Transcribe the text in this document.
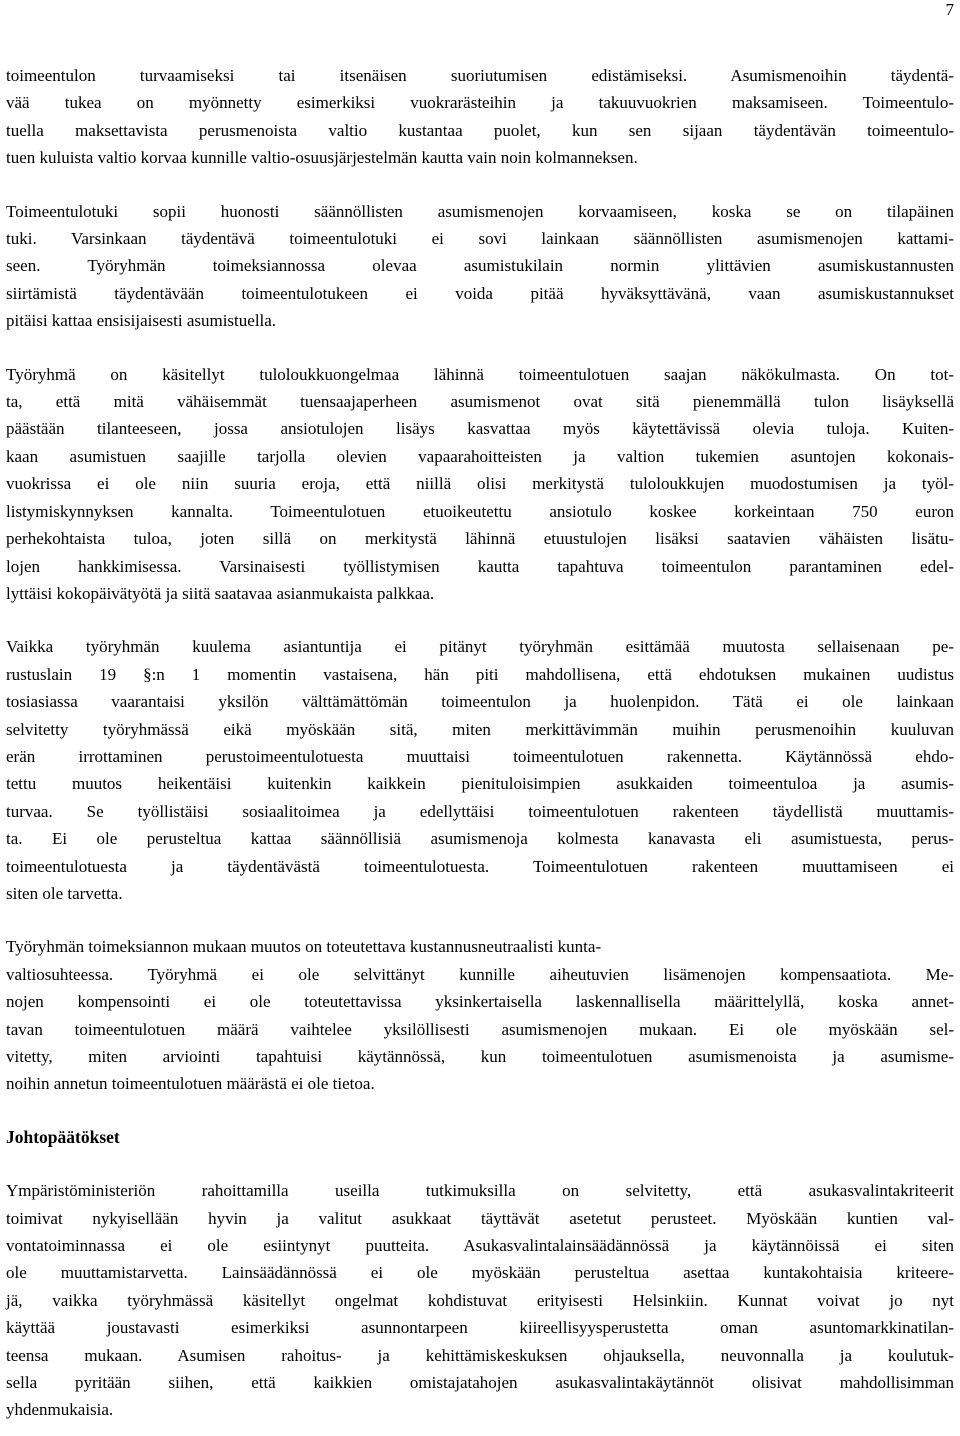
7
toimeentulon turvaamiseksi tai itsenäisen suoriutumisen edistämiseksi. Asumismenoihin täydentä-
vää tukea on myönnetty esimerkiksi vuokrarästeihin ja takuuvuokrien maksamiseen. Toimeentulo-
tuella maksettavista perusmenoista valtio kustantaa puolet, kun sen sijaan täydentävän toimeentulo-
tuen kuluista valtio korvaa kunnille valtio-osuusjärjestelmän kautta vain noin kolmanneksen.
Toimeentulotuki sopii huonosti säännöllisten asumismenojen korvaamiseen, koska se on tilapäinen
tuki. Varsinkaan täydentävä toimeentulotuki ei sovi lainkaan säännöllisten asumismenojen kattami-
seen. Työryhmän toimeksiannossa olevaa asumistukilain normin ylittävien asumiskustannusten
siirtämistä täydentävään toimeentulotukeen ei voida pitää hyväksyttävänä, vaan asumiskustannukset
pitäisi kattaa ensisijaisesti asumistuella.
Työryhmä on käsitellyt tuloloukkuongelmaa lähinnä toimeentulotuen saajan näkökulmasta. On tot-
ta, että mitä vähäisemmät tuensaajaperheen asumismenot ovat sitä pienemmällä tulon lisäyksellä
päästään tilanteeseen, jossa ansiotulojen lisäys kasvattaa myös käytettävissä olevia tuloja. Kuiten-
kaan asumistuen saajille tarjolla olevien vapaarahoitteisten ja valtion tukemien asuntojen kokonais-
vuokrissa ei ole niin suuria eroja, että niillä olisi merkitystä tuloloukkujen muodostumisen ja työl-
listymiskynnyksen kannalta. Toimeentulotuen etuoikeutettu ansiotulo koskee korkeintaan 750 euron
perhekohtaista tuloa, joten sillä on merkitystä lähinnä etuustulojen lisäksi saatavien vähäisten lisätu-
lojen hankkimisessa. Varsinaisesti työllistymisen kautta tapahtuva toimeentulon parantaminen edel-
lyttäisi kokopäivätyötä ja siitä saatavaa asianmukaista palkkaa.
Vaikka työryhmän kuulema asiantuntija ei pitänyt työryhmän esittämää muutosta sellaisenaan pe-
rustuslain 19 §:n 1 momentin vastaisena, hän piti mahdollisena, että ehdotuksen mukainen uudistus
tosiasiassa vaarantaisi yksilön välttämättömän toimeentulon ja huolenpidon. Tätä ei ole lainkaan
selvitetty työryhmässä eikä myöskään sitä, miten merkittävimmän muihin perusmenoihin kuuluvan
erän irrottaminen perustoimeentulotuesta muuttaisi toimeentulotuen rakennetta. Käytännössä ehdo-
tettu muutos heikentäisi kuitenkin kaikkein pienituloisimpien asukkaiden toimeentuloa ja asumis-
turvaa. Se työllistäisi sosiaalitoimea ja edellyttäisi toimeentulotuen rakenteen täydellistä muuttamis-
ta. Ei ole perusteltua kattaa säännöllisiä asumismenoja kolmesta kanavasta eli asumistuesta, perus-
toimeentulotuesta ja täydentävästä toimeentulotuesta. Toimeentulotuen rakenteen muuttamiseen ei
siten ole tarvetta.
Työryhmän toimeksiannon mukaan muutos on toteutettava kustannusneutraalisti kunta-
valtiosuhteessa. Työryhmä ei ole selvittänyt kunnille aiheutuvien lisämenojen kompensaatiota. Me-
nojen kompensointi ei ole toteutettavissa yksinkertaisella laskennallisella määrittelyllä, koska annet-
tavan toimeentulotuen määrä vaihtelee yksilöllisesti asumismenojen mukaan. Ei ole myöskään sel-
vitetty, miten arviointi tapahtuisi käytännössä, kun toimeentulotuen asumismenoista ja asumisme-
noihin annetun toimeentulotuen määrästä ei ole tietoa.
Johtopäätökset
Ympäristöministeriön rahoittamilla useilla tutkimuksilla on selvitetty, että asukasvalintakriteerit
toimivat nykyisellään hyvin ja valitut asukkaat täyttävät asetetut perusteet. Myöskään kuntien val-
vontatoiminnassa ei ole esiintynyt puutteita. Asukasvalintalainsäädännössä ja käytännöissä ei siten
ole muuttamistarvetta. Lainsäädännössä ei ole myöskään perusteltua asettaa kuntakohtaisia kriteere-
jä, vaikka työryhmässä käsitellyt ongelmat kohdistuvat erityisesti Helsinkiin. Kunnat voivat jo nyt
käyttää joustavasti esimerkiksi asunnontarpeen kiireellisyysperustetta oman asuntomarkkinatilan-
teensa mukaan. Asumisen rahoitus- ja kehittämiskeskuksen ohjauksella, neuvonnalla ja koulutuk-
sella pyritään siihen, että kaikkien omistajatahojen asukasvalintakäytännöt olisivat mahdollisimman
yhdenmukaisia.
